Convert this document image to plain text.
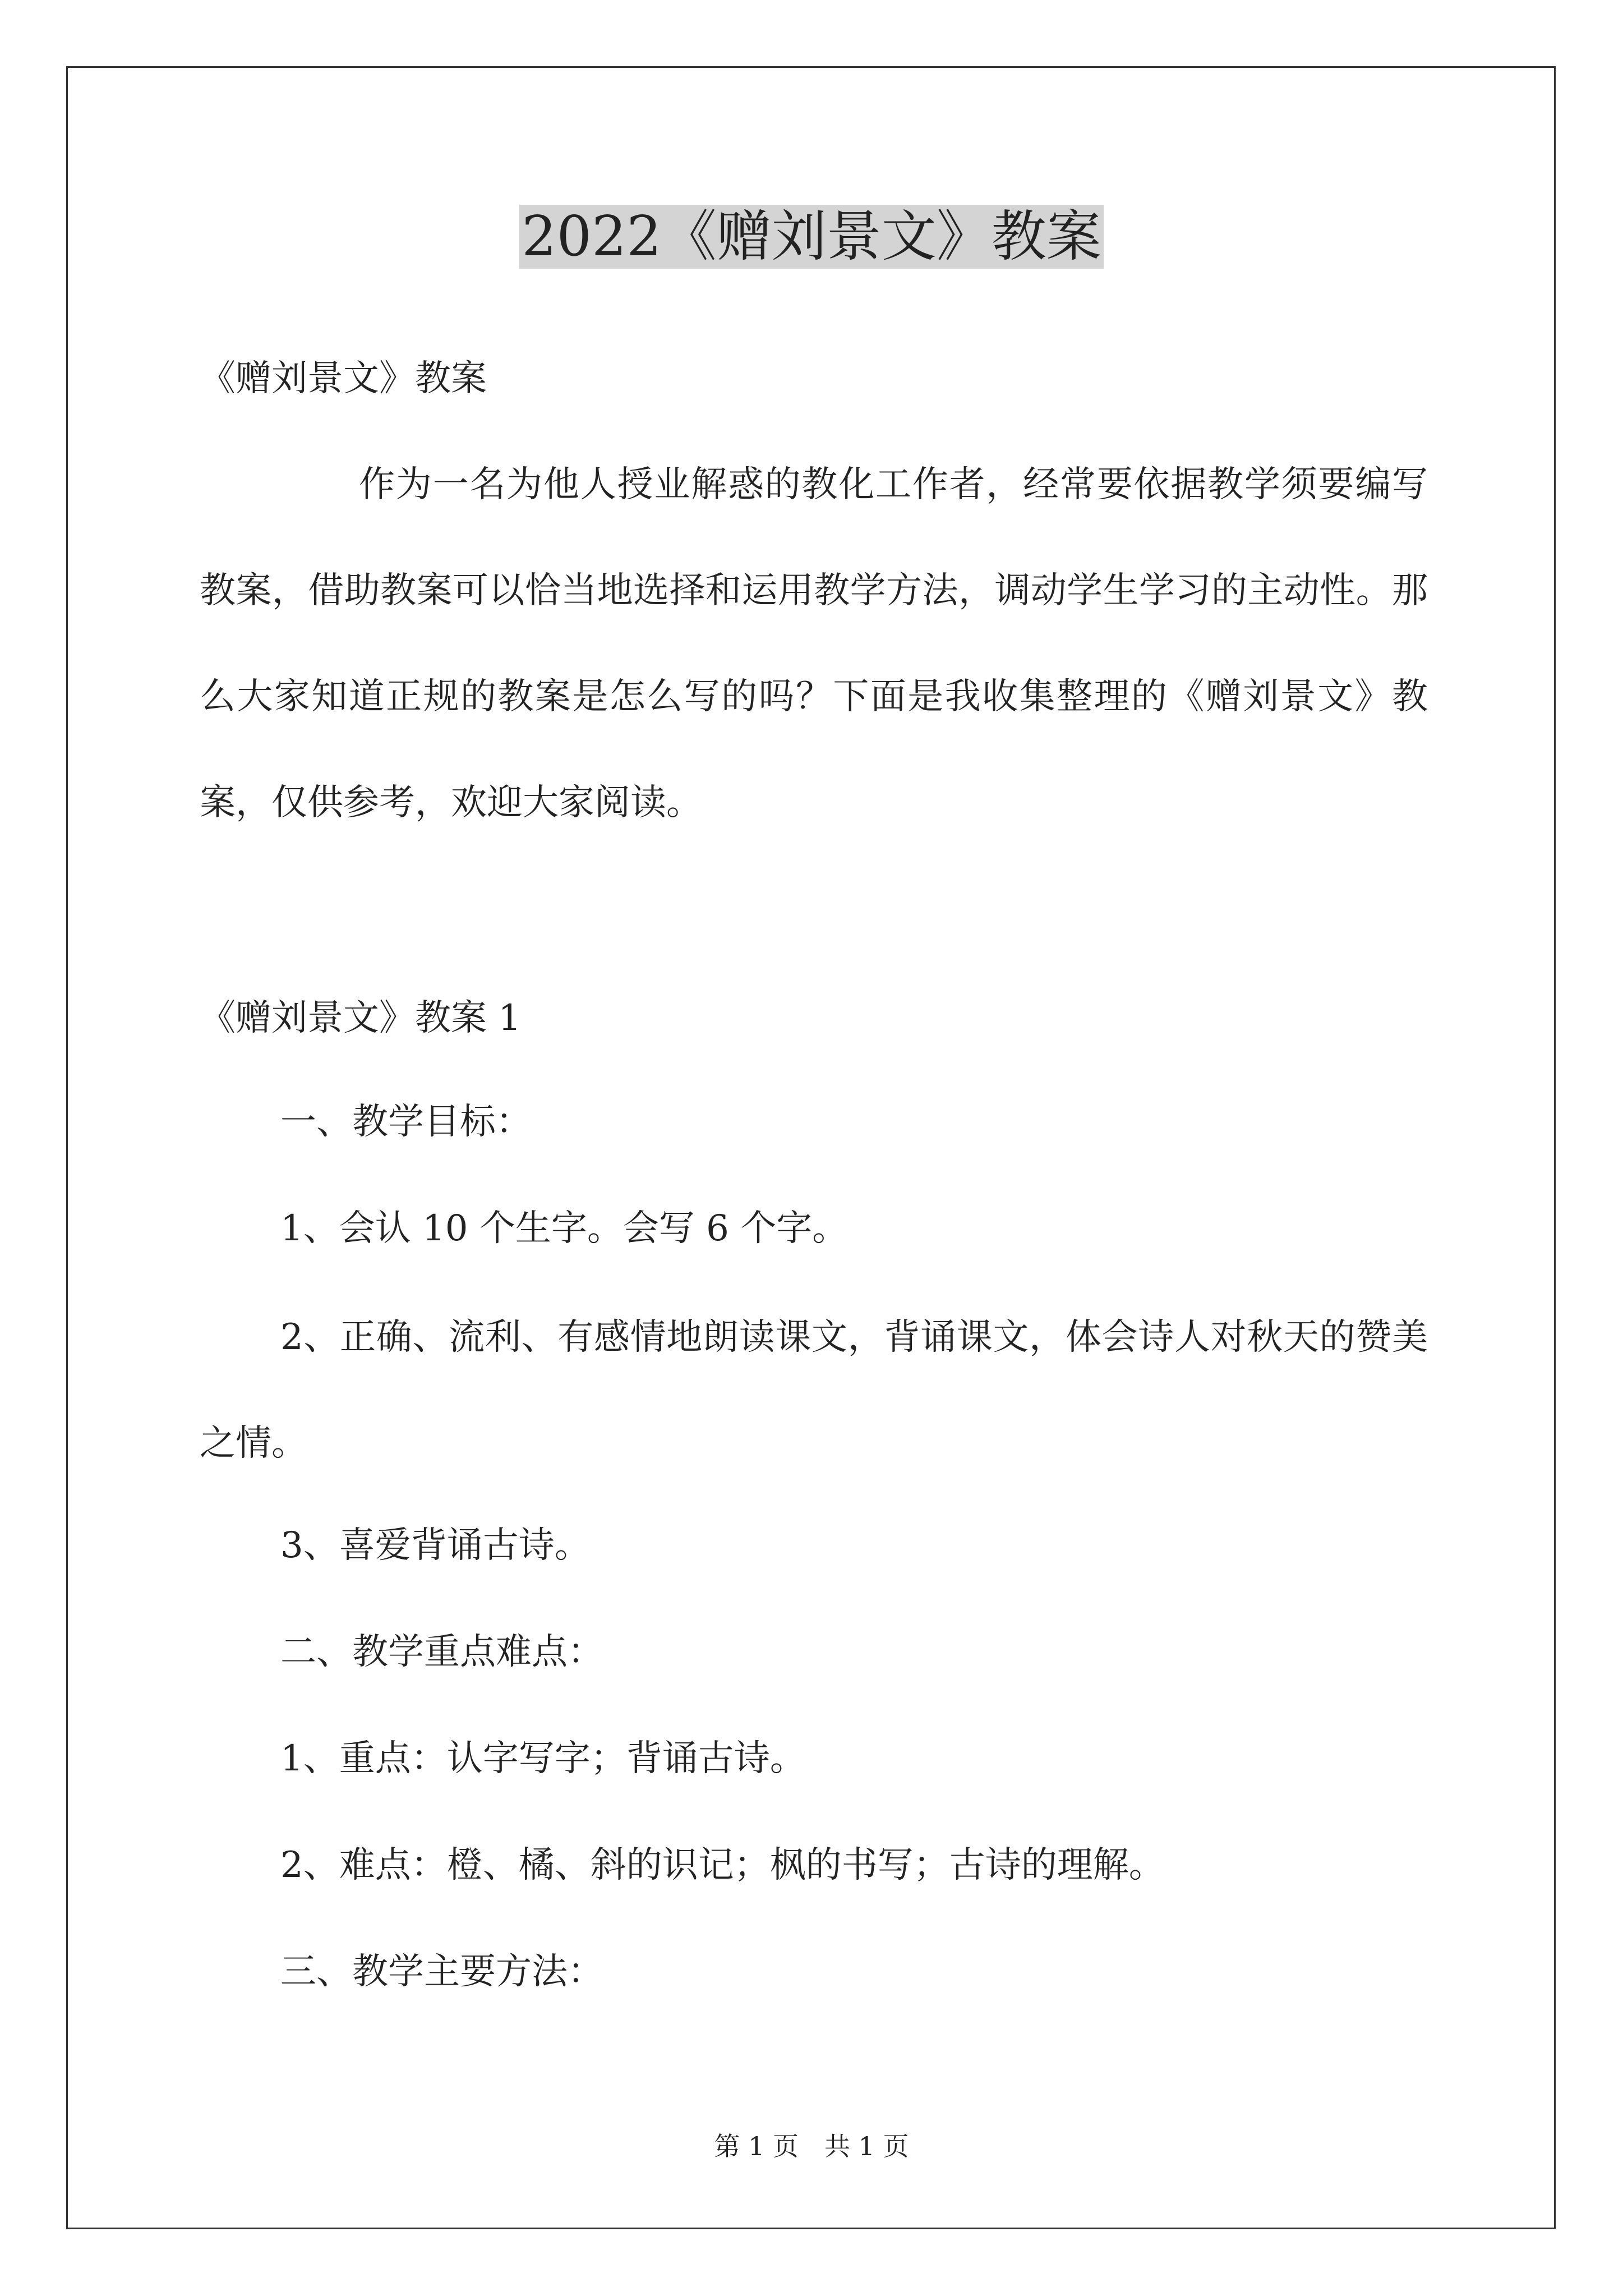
2022《赠刘景文》教案

《赠刘景文》教案

作为一名为他人授业解惑的教化工作者，经常要依据教学须要编写教案，借助教案可以恰当地选择和运用教学方法，调动学生学习的主动性。那么大家知道正规的教案是怎么写的吗？下面是我收集整理的《赠刘景文》教案，仅供参考，欢迎大家阅读。

《赠刘景文》教案 1

一、教学目标：

1、会认 10 个生字。会写 6 个字。

2、正确、流利、有感情地朗读课文，背诵课文，体会诗人对秋天的赞美之情。

3、喜爱背诵古诗。

二、教学重点难点：

1、重点：认字写字；背诵古诗。

2、难点：橙、橘、斜的识记；枫的书写；古诗的理解。

三、教学主要方法：

第 1 页　共 1 页
